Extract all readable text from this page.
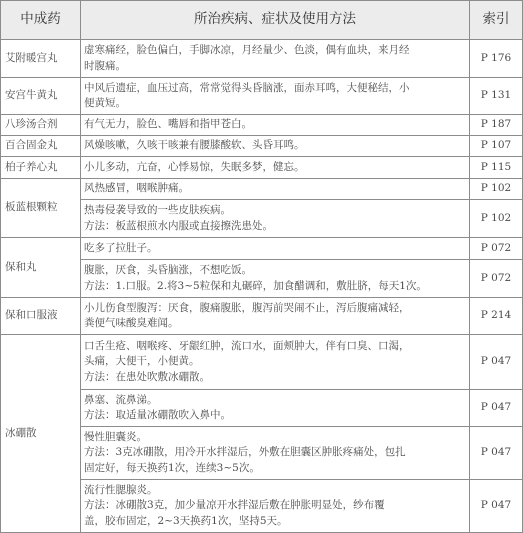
中成药	所治疾病、症状及使用方法	索引
艾附暖宫丸	虚寒痛经，脸色偏白，手脚冰凉，月经量少、色淡，偶有血块，来月经
时腹痛。	P 176
安宫牛黄丸	中风后遗症，血压过高，常常觉得头昏脑涨，面赤耳鸣，大便秘结，小
便黄短。	P 131
八珍汤合剂	有气无力，脸色、嘴唇和指甲苍白。	P 187
百合固金丸	风燥咳嗽，久咳干咳兼有腰膝酸软、头昏耳鸣。	P 107
柏子养心丸	小儿多动，亢奋，心悸易惊，失眠多梦，健忘。	P 115
板蓝根颗粒	风热感冒，咽喉肿痛。	P 102

	热毒侵袭导致的一些皮肤疾病。
方法：板蓝根煎水内服或直接擦洗患处。	P 102
保和丸	吃多了拉肚子。	P 072

	腹胀，厌食，头昏脑涨，不想吃饭。
方法：1.口服。2.将3~5粒保和丸碾碎，加食醋调和，敷肚脐，每天1次。	P 072
保和口服液	小儿伤食型腹泻：厌食，腹痛腹胀，腹泻前哭闹不止，泻后腹痛减轻，
粪便气味酸臭难闻。	P 214
冰硼散	口舌生疮、咽喉疼、牙龈红肿，流口水，面颊肿大，伴有口臭、口渴，
头痛，大便干，小便黄。
方法：在患处吹敷冰硼散。	P 047

	鼻塞、流鼻涕。
方法：取适量冰硼散吹入鼻中。	P 047

	慢性胆囊炎。
方法：3克冰硼散，用冷开水拌湿后，外敷在胆囊区肿胀疼痛处，包扎
固定好，每天换药1次，连续3~5次。	P 047

	流行性腮腺炎。
方法：冰硼散3克，加少量凉开水拌湿后敷在肿胀明显处，纱布覆
盖，胶布固定，2~3天换药1次，坚持5天。	P 047
